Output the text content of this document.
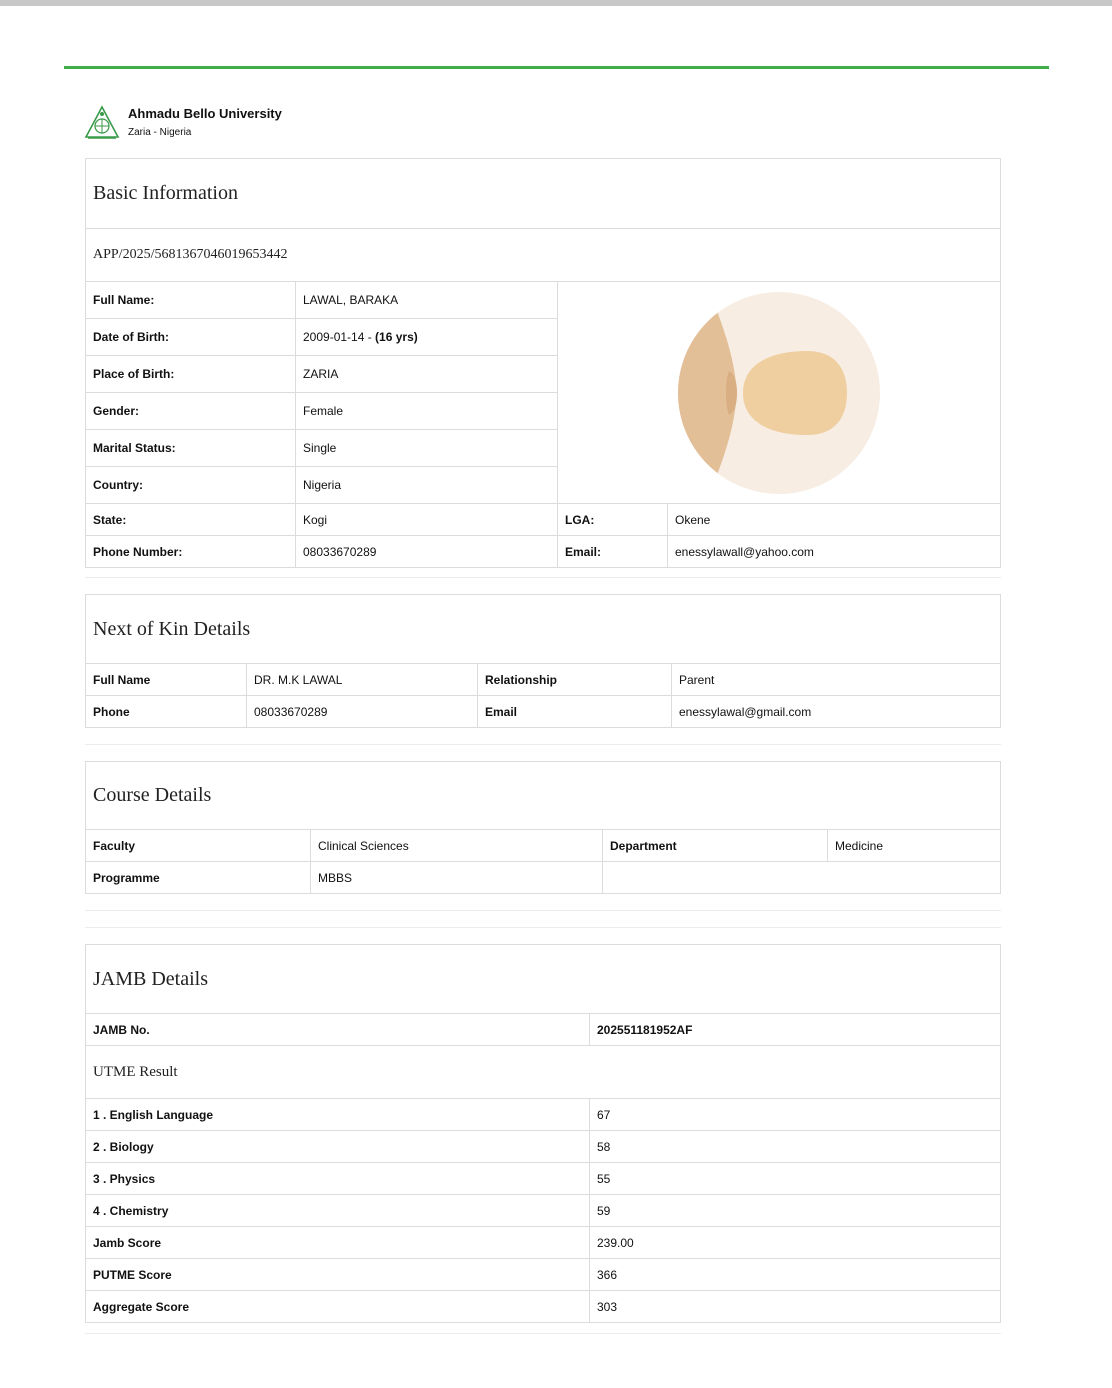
Ahmadu Bello University
Zaria - Nigeria
Basic Information
APP/2025/5681367046019653442
Full Name:	LAWAL, BARAKA
Date of Birth:	2009-01-14 - (16 yrs)
Place of Birth:	ZARIA
Gender:	Female
Marital Status:	Single
Country:	Nigeria
State:	Kogi	LGA:	Okene
Phone Number:	08033670289	Email:	enessylawall@yahoo.com
Next of Kin Details
Full Name	DR. M.K LAWAL	Relationship	Parent
Phone	08033670289	Email	enessylawal@gmail.com
Course Details
Faculty	Clinical Sciences	Department	Medicine
Programme	MBBS
JAMB Details
JAMB No.	202551181952AF
UTME Result
1 . English Language	67
2 . Biology	58
3 . Physics	55
4 . Chemistry	59
Jamb Score	239.00
PUTME Score	366
Aggregate Score	303
